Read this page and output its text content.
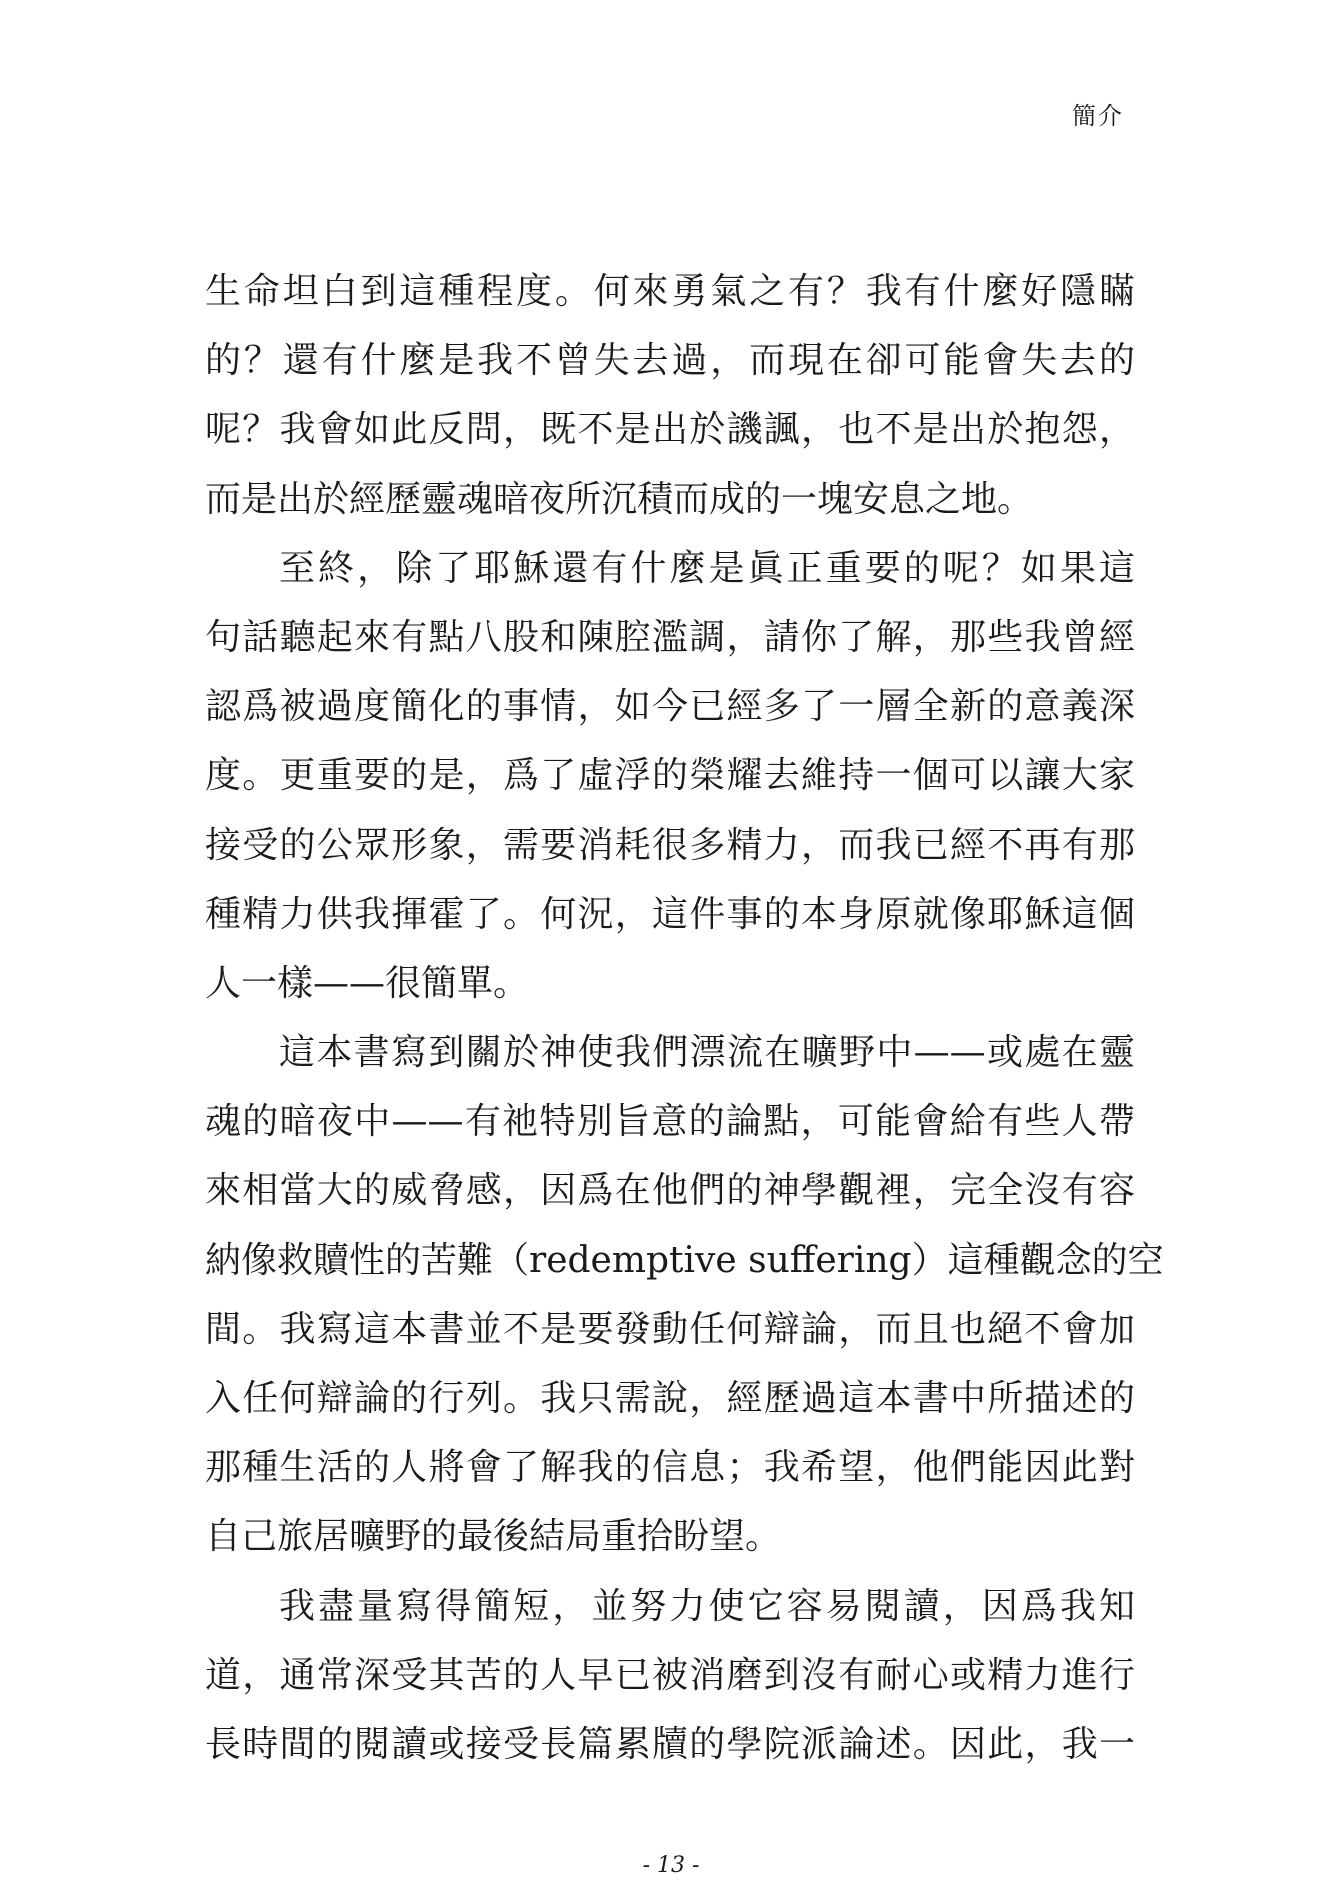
簡介
生命坦白到這種程度。何來勇氣之有？我有什麼好隱瞞
的？還有什麼是我不曾失去過，而現在卻可能會失去的
呢？我會如此反問，既不是出於譏諷，也不是出於抱怨，
而是出於經歷靈魂暗夜所沉積而成的一塊安息之地。
至終，除了耶穌還有什麼是眞正重要的呢？如果這
句話聽起來有點八股和陳腔濫調，請你了解，那些我曾經
認爲被過度簡化的事情，如今已經多了一層全新的意義深
度。更重要的是，爲了虛浮的榮耀去維持一個可以讓大家
接受的公眾形象，需要消耗很多精力，而我已經不再有那
種精力供我揮霍了。何況，這件事的本身原就像耶穌這個
人一樣——很簡單。
這本書寫到關於神使我們漂流在曠野中——或處在靈
魂的暗夜中——有祂特別旨意的論點，可能會給有些人帶
來相當大的威脅感，因爲在他們的神學觀裡，完全沒有容
納像救贖性的苦難（redemptive suffering）這種觀念的空
間。我寫這本書並不是要發動任何辯論，而且也絕不會加
入任何辯論的行列。我只需說，經歷過這本書中所描述的
那種生活的人將會了解我的信息；我希望，他們能因此對
自己旅居曠野的最後結局重拾盼望。
我盡量寫得簡短，並努力使它容易閱讀，因爲我知
道，通常深受其苦的人早已被消磨到沒有耐心或精力進行
長時間的閱讀或接受長篇累牘的學院派論述。因此，我一
- 13 -
